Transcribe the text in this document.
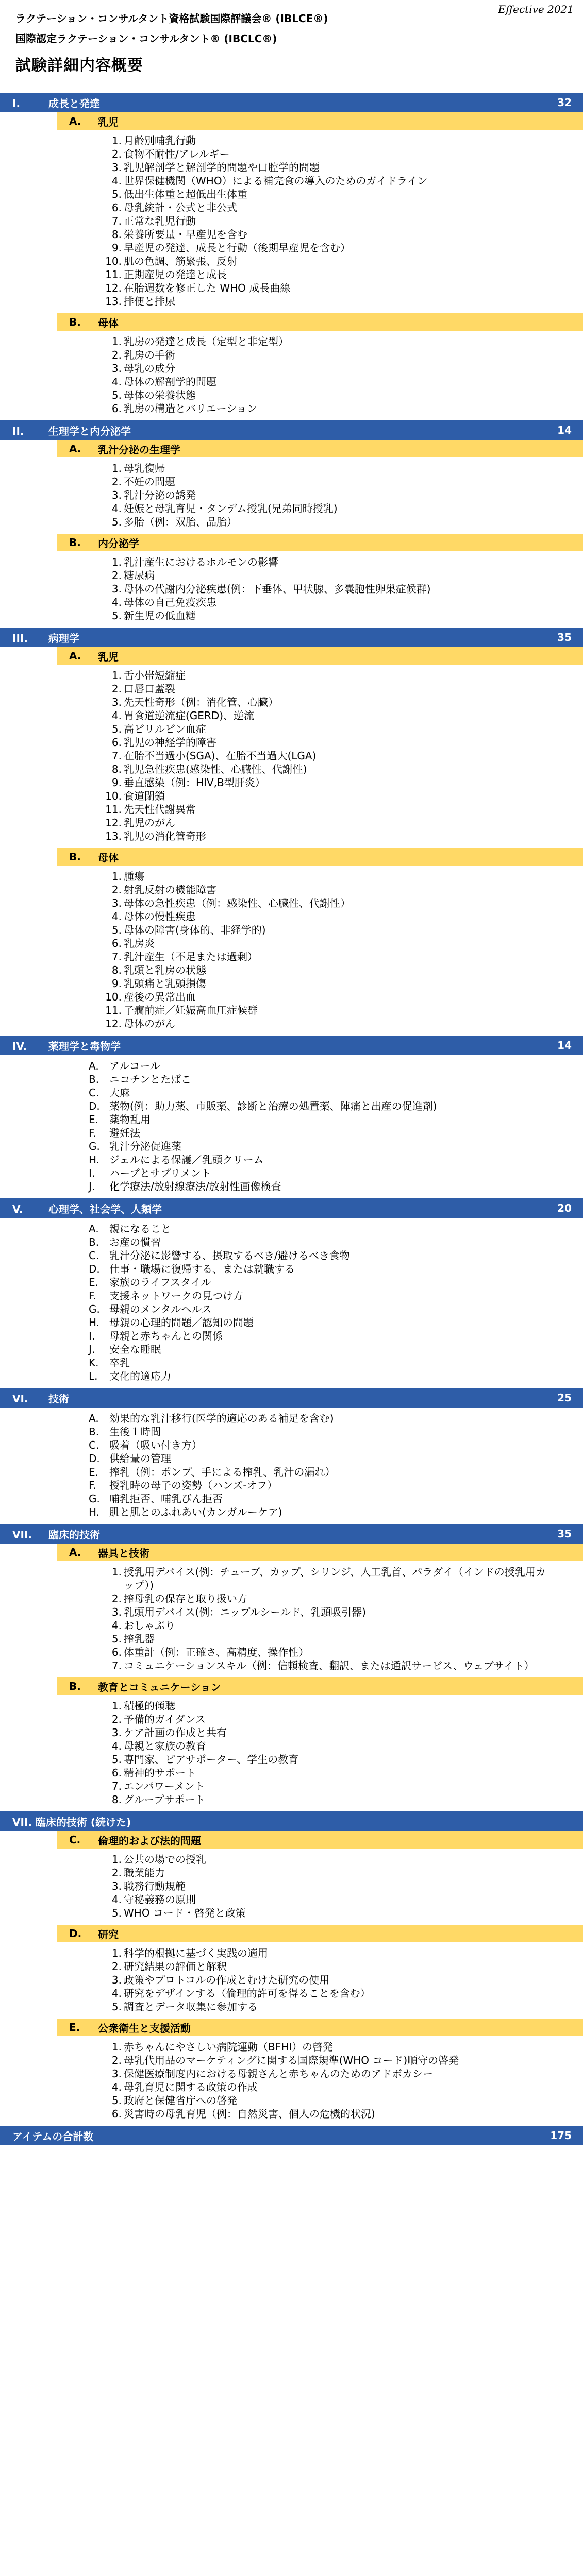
Effective 2021
ラクテーション・コンサルタント資格試験国際評議会® (IBLCE®)
国際認定ラクテーション・コンサルタント® (IBCLC®)
試験詳細内容概要
I.	成長と発達	32
A.	乳児
1. 月齢別哺乳行動
2. 食物不耐性/アレルギー
3. 乳児解剖学と解剖学的問題や口腔学的問題
4. 世界保健機関（WHO）による補完食の導入のためのガイドライン
5. 低出生体重と超低出生体重
6. 母乳統計・公式と非公式
7. 正常な乳児行動
8. 栄養所要量・早産児を含む
9. 早産児の発達、成長と行動（後期早産児を含む）
10. 肌の色調、筋緊張、反射
11. 正期産児の発達と成長
12. 在胎週数を修正した WHO 成長曲線
13. 排便と排尿
B.	母体
1. 乳房の発達と成長（定型と非定型）
2. 乳房の手術
3. 母乳の成分
4. 母体の解剖学的問題
5. 母体の栄養状態
6. 乳房の構造とバリエーション
II. 生理学と内分泌学	14
A.	乳汁分泌の生理学
1. 母乳復帰
2. 不妊の問題
3. 乳汁分泌の誘発
4. 妊娠と母乳育児・タンデム授乳(兄弟同時授乳)
5. 多胎（例：双胎、品胎）
B.	内分泌学
1. 乳汁産生におけるホルモンの影響
2. 糖尿病
3. 母体の代謝内分泌疾患(例：下垂体、甲状腺、多嚢胞性卵巣症候群)
4. 母体の自己免疫疾患
5. 新生児の低血糖
III. 病理学	35
A.	乳児
1. 舌小帯短縮症
2. 口唇口蓋裂
3. 先天性奇形（例：消化管、心臓）
4. 胃食道逆流症(GERD)、逆流
5. 高ビリルビン血症
6. 乳児の神経学的障害
7. 在胎不当過小(SGA)、在胎不当過大(LGA)
8. 乳児急性疾患(感染性、心臓性、代謝性)
9. 垂直感染（例：HIV,B型肝炎）
10. 食道閉鎖
11. 先天性代謝異常
12. 乳児のがん
13. 乳児の消化管奇形
B.	母体
1. 腫瘍
2. 射乳反射の機能障害
3. 母体の急性疾患（例：感染性、心臓性、代謝性）
4. 母体の慢性疾患
5. 母体の障害(身体的、非経学的)
6. 乳房炎
7. 乳汁産生（不足または過剰）
8. 乳頭と乳房の状態
9. 乳頭痛と乳頭損傷
10. 産後の異常出血
11. 子癇前症／妊娠高血圧症候群
12. 母体のがん
IV. 薬理学と毒物学	14
A.	アルコール
B. ニコチンとたばこ
C. 大麻
D. 薬物(例：助力薬、市販薬、診断と治療の処置薬、陣痛と出産の促進剤)
E.	薬物乱用
F.	避妊法
G. 乳汁分泌促進薬
H. ジェルによる保護／乳頭クリーム
I.	ハーブとサプリメント
J.	化学療法/放射線療法/放射性画像検査
V. 心理学、社会学、人類学	20
A.	親になること
B. お産の慣習
C. 乳汁分泌に影響する、摂取するべき/避けるべき食物
D. 仕事・職場に復帰する、または就職する
E.	家族のライフスタイル
F.	支援ネットワークの見つけ方
G. 母親のメンタルヘルス
H. 母親の心理的問題／認知の問題
I.	母親と赤ちゃんとの関係
J.	安全な睡眠
K.	卒乳
L.	文化的適応力
VI. 技術	25
A.	効果的な乳汁移行(医学的適応のある補足を含む)
B. 生後１時間
C. 吸着（吸い付き方）
D. 供給量の管理
E.	搾乳（例：ポンプ、手による搾乳、乳汁の漏れ）
F.	授乳時の母子の姿勢（ハンズ-オフ）
G. 哺乳拒否、哺乳びん拒否
H. 肌と肌とのふれあい(カンガルーケア)
VII. 臨床的技術	35
A.	器具と技術
1. 授乳用デバイス(例：チューブ、カップ、シリンジ、人工乳首、パラダイ（インドの授乳用カップ）)
2. 搾母乳の保存と取り扱い方
3. 乳頭用デバイス(例：ニップルシールド、乳頭吸引器)
4. おしゃぶり
5. 搾乳器
6. 体重計（例：正確さ、高精度、操作性）
7. コミュニケーションスキル（例：信頼検査、翻訳、または通訳サービス、ウェブサイト）
B.	教育とコミュニケーション
1. 積極的傾聴
2. 予備的ガイダンス
3. ケア計画の作成と共有
4. 母親と家族の教育
5. 専門家、ピアサポーター、学生の教育
6. 精神的サポート
7. エンパワーメント
8. グループサポート
VII. 臨床的技術 (続けた)
C.	倫理的および法的問題
1. 公共の場での授乳
2. 職業能力
3. 職務行動規範
4. 守秘義務の原則
5. WHO コード・啓発と政策
D.	研究
1. 科学的根拠に基づく実践の適用
2. 研究結果の評価と解釈
3. 政策やプロトコルの作成とむけた研究の使用
4. 研究をデザインする（倫理的許可を得ることを含む）
5. 調査とデータ収集に参加する
E.	公衆衛生と支援活動
1. 赤ちゃんにやさしい病院運動（BFHI）の啓発
2. 母乳代用品のマーケティングに関する国際規準(WHO コード)順守の啓発
3. 保健医療制度内における母親さんと赤ちゃんのためのアドボカシー
4. 母乳育児に関する政策の作成
5. 政府と保健省庁への啓発
6. 災害時の母乳育児（例：自然災害、個人の危機的状況)
アイテムの合計数	175
